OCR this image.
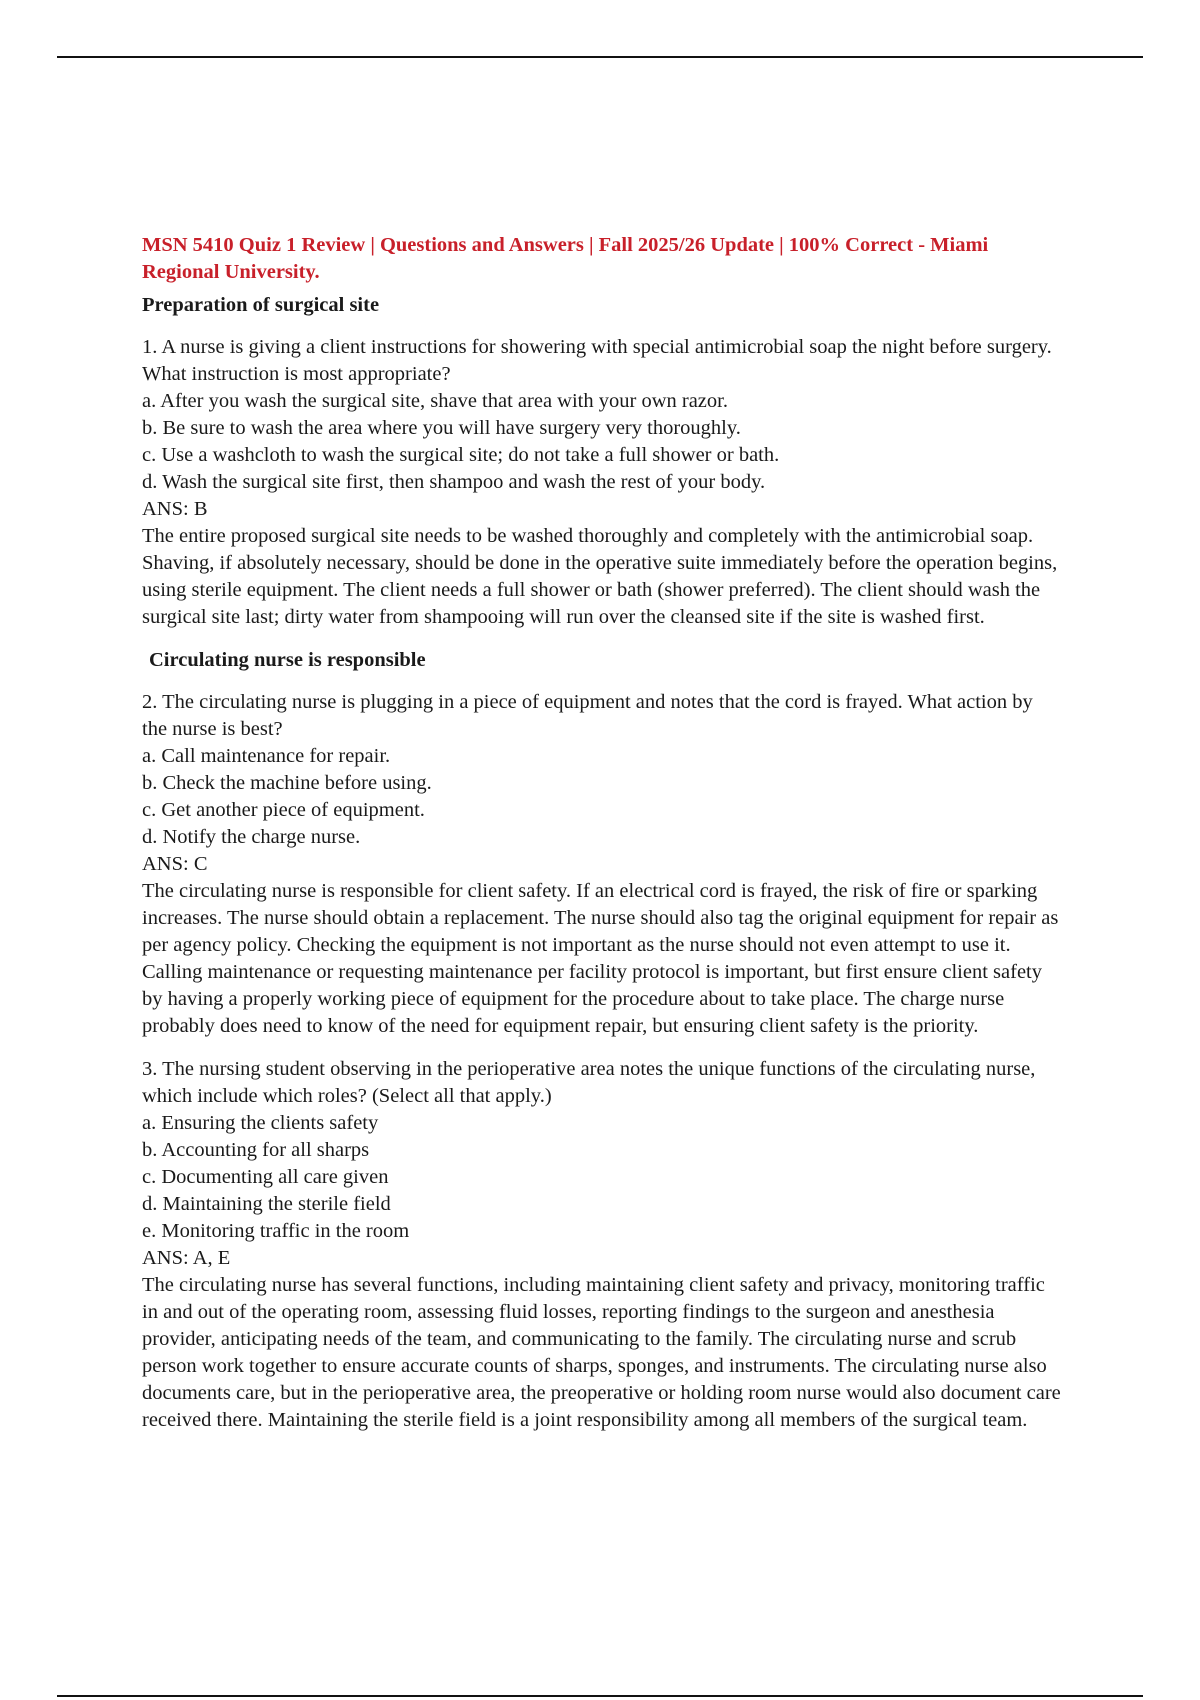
MSN 5410 Quiz 1 Review | Questions and Answers | Fall 2025/26 Update | 100% Correct - Miami Regional University.

Preparation of surgical site

1. A nurse is giving a client instructions for showering with special antimicrobial soap the night before surgery. What instruction is most appropriate?

a. After you wash the surgical site, shave that area with your own razor.

b. Be sure to wash the area where you will have surgery very thoroughly.

c. Use a washcloth to wash the surgical site; do not take a full shower or bath.

d. Wash the surgical site first, then shampoo and wash the rest of your body.

ANS: B

The entire proposed surgical site needs to be washed thoroughly and completely with the antimicrobial soap. Shaving, if absolutely necessary, should be done in the operative suite immediately before the operation begins, using sterile equipment. The client needs a full shower or bath (shower preferred). The client should wash the surgical site last; dirty water from shampooing will run over the cleansed site if the site is washed first.

Circulating nurse is responsible

2. The circulating nurse is plugging in a piece of equipment and notes that the cord is frayed. What action by the nurse is best?

a. Call maintenance for repair.

b. Check the machine before using.

c. Get another piece of equipment.

d. Notify the charge nurse.

ANS: C

The circulating nurse is responsible for client safety. If an electrical cord is frayed, the risk of fire or sparking increases. The nurse should obtain a replacement. The nurse should also tag the original equipment for repair as per agency policy. Checking the equipment is not important as the nurse should not even attempt to use it. Calling maintenance or requesting maintenance per facility protocol is important, but first ensure client safety by having a properly working piece of equipment for the procedure about to take place. The charge nurse probably does need to know of the need for equipment repair, but ensuring client safety is the priority.

3. The nursing student observing in the perioperative area notes the unique functions of the circulating nurse, which include which roles? (Select all that apply.)

a. Ensuring the clients safety

b. Accounting for all sharps

c. Documenting all care given

d. Maintaining the sterile field

e. Monitoring traffic in the room

ANS: A, E

The circulating nurse has several functions, including maintaining client safety and privacy, monitoring traffic in and out of the operating room, assessing fluid losses, reporting findings to the surgeon and anesthesia provider, anticipating needs of the team, and communicating to the family. The circulating nurse and scrub person work together to ensure accurate counts of sharps, sponges, and instruments. The circulating nurse also documents care, but in the perioperative area, the preoperative or holding room nurse would also document care received there. Maintaining the sterile field is a joint responsibility among all members of the surgical team.
